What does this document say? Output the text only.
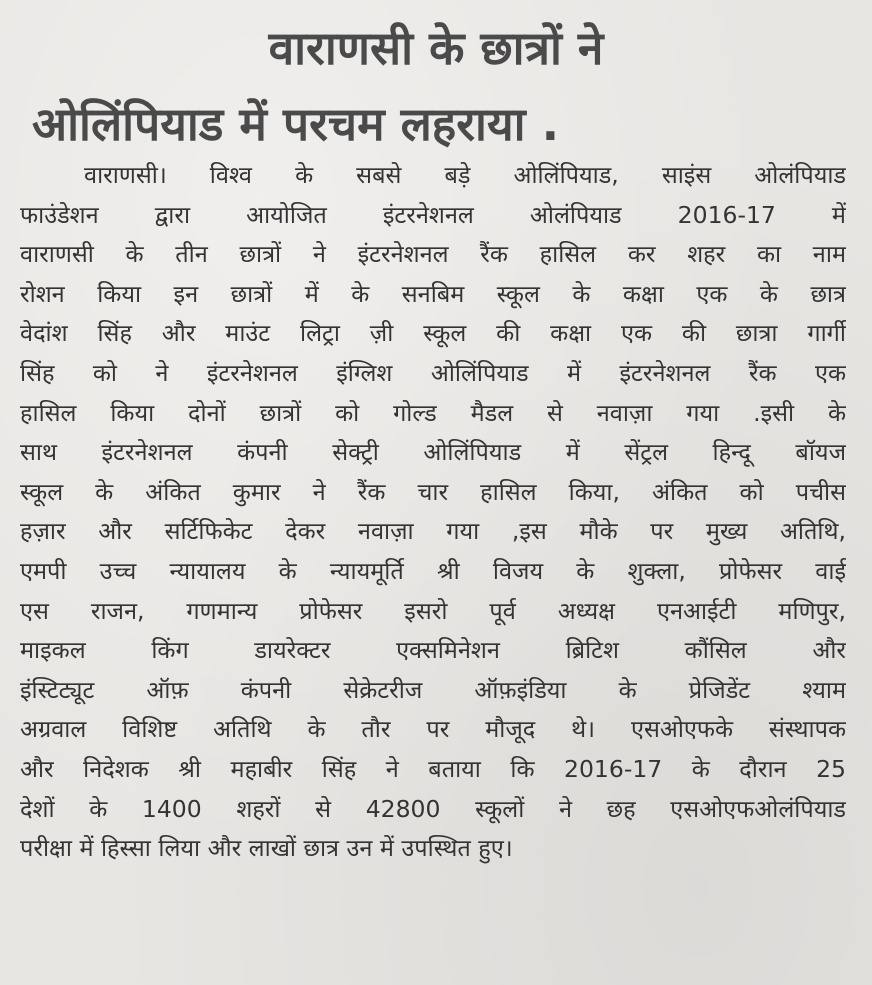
वाराणसी के छात्रों ने
ओलिंपियाड में परचम लहराया .
वाराणसी। विश्व के सबसे बड़े ओलिंपियाड, साइंस ओलंपियाड
फाउंडेशन द्वारा आयोजित इंटरनेशनल ओलंपियाड 2016-17 में
वाराणसी के तीन छात्रों ने इंटरनेशनल रैंक हासिल कर शहर का नाम
रोशन किया इन छात्रों में के सनबिम स्कूल के कक्षा एक के छात्र
वेदांश सिंह और माउंट लिट्रा ज़ी स्कूल की कक्षा एक की छात्रा गार्गी
सिंह को ने इंटरनेशनल इंग्लिश ओलिंपियाड में इंटरनेशनल रैंक एक
हासिल किया दोनों छात्रों को गोल्ड मैडल से नवाज़ा गया .इसी के
साथ इंटरनेशनल कंपनी सेक्ट्री ओलिंपियाड में सेंट्रल हिन्दू बॉयज
स्कूल के अंकित कुमार ने रैंक चार हासिल किया, अंकित को पचीस
हज़ार और सर्टिफिकेट देकर नवाज़ा गया ,इस मौके पर मुख्य अतिथि,
एमपी उच्च न्यायालय के न्यायमूर्ति श्री विजय के शुक्ला, प्रोफेसर वाई
एस राजन, गणमान्य प्रोफेसर इसरो पूर्व अध्यक्ष एनआईटी मणिपुर,
माइकल किंग डायरेक्टर एक्समिनेशन ब्रिटिश कौंसिल और
इंस्टिट्यूट ऑफ़ कंपनी सेक्रेटरीज ऑफ़इंडिया के प्रेजिडेंट श्याम
अग्रवाल विशिष्ट अतिथि के तौर पर मौजूद थे। एसओएफके संस्थापक
और निदेशक श्री महाबीर सिंह ने बताया कि 2016-17 के दौरान 25
देशों के 1400 शहरों से 42800 स्कूलों ने छह एसओएफओलंपियाड
परीक्षा में हिस्सा लिया और लाखों छात्र उन में उपस्थित हुए।
